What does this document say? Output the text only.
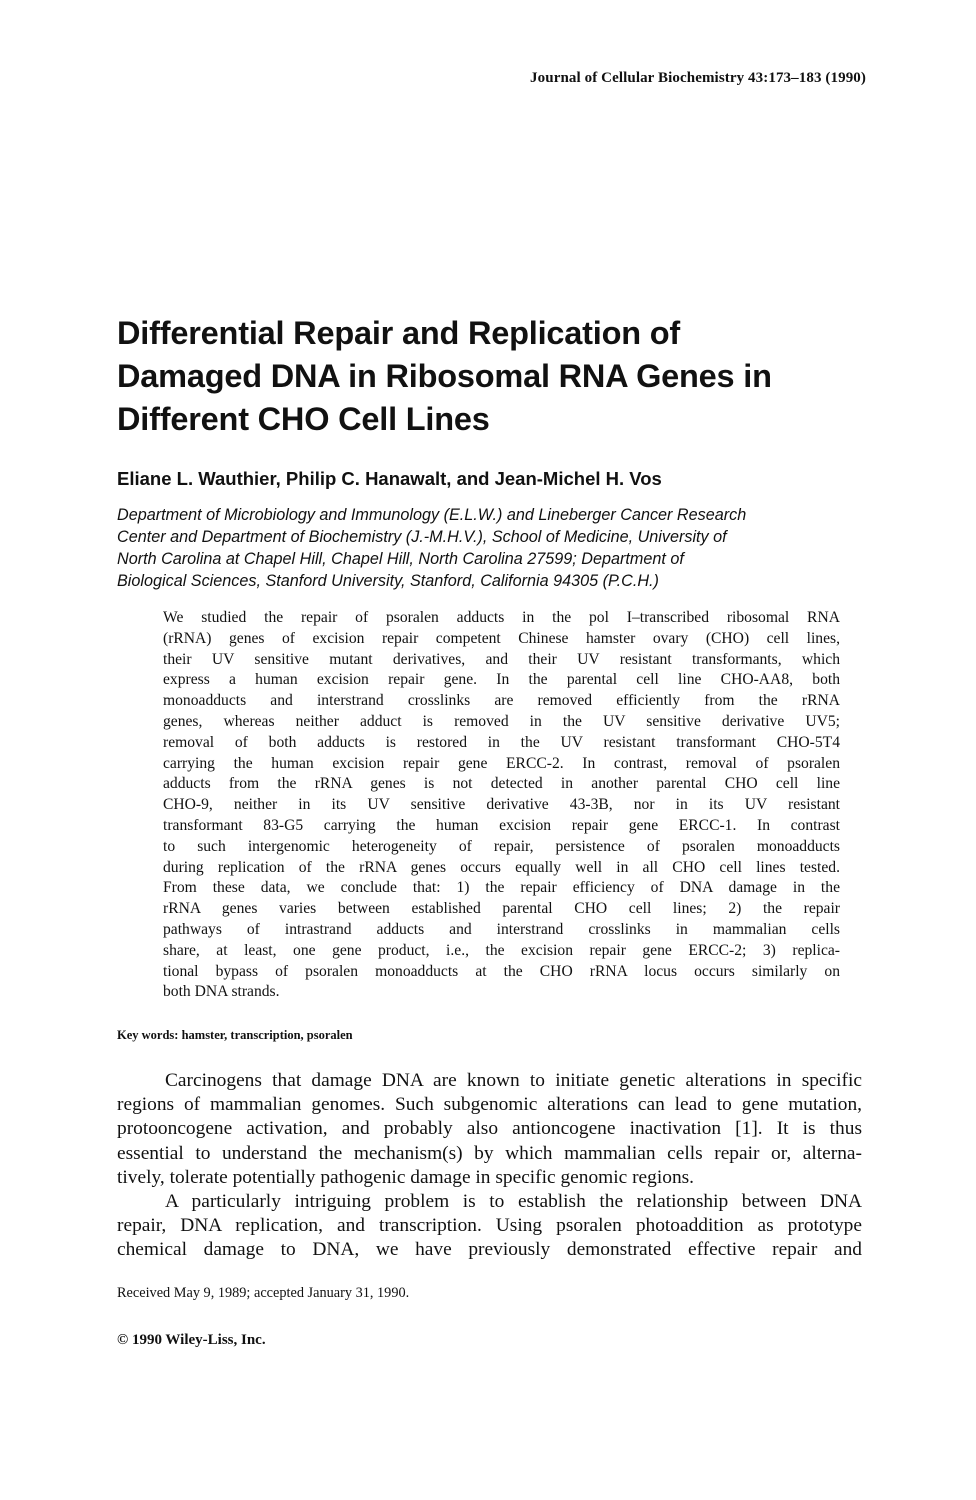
Journal of Cellular Biochemistry 43:173–183 (1990)
Differential Repair and Replication of
Damaged DNA in Ribosomal RNA Genes in
Different CHO Cell Lines
Eliane L. Wauthier, Philip C. Hanawalt, and Jean-Michel H. Vos
Department of Microbiology and Immunology (E.L.W.) and Lineberger Cancer Research
Center and Department of Biochemistry (J.-M.H.V.), School of Medicine, University of
North Carolina at Chapel Hill, Chapel Hill, North Carolina 27599; Department of
Biological Sciences, Stanford University, Stanford, California 94305 (P.C.H.)
We studied the repair of psoralen adducts in the pol I–transcribed ribosomal RNA
(rRNA) genes of excision repair competent Chinese hamster ovary (CHO) cell lines,
their UV sensitive mutant derivatives, and their UV resistant transformants, which
express a human excision repair gene. In the parental cell line CHO-AA8, both
monoadducts and interstrand crosslinks are removed efficiently from the rRNA
genes, whereas neither adduct is removed in the UV sensitive derivative UV5;
removal of both adducts is restored in the UV resistant transformant CHO-5T4
carrying the human excision repair gene ERCC-2. In contrast, removal of psoralen
adducts from the rRNA genes is not detected in another parental CHO cell line
CHO-9, neither in its UV sensitive derivative 43-3B, nor in its UV resistant
transformant 83-G5 carrying the human excision repair gene ERCC-1. In contrast
to such intergenomic heterogeneity of repair, persistence of psoralen monoadducts
during replication of the rRNA genes occurs equally well in all CHO cell lines tested.
From these data, we conclude that: 1) the repair efficiency of DNA damage in the
rRNA genes varies between established parental CHO cell lines; 2) the repair
pathways of intrastrand adducts and interstrand crosslinks in mammalian cells
share, at least, one gene product, i.e., the excision repair gene ERCC-2; 3) replica-
tional bypass of psoralen monoadducts at the CHO rRNA locus occurs similarly on
both DNA strands.
Key words: hamster, transcription, psoralen
Carcinogens that damage DNA are known to initiate genetic alterations in specific
regions of mammalian genomes. Such subgenomic alterations can lead to gene mutation,
protooncogene activation, and probably also antioncogene inactivation [1]. It is thus
essential to understand the mechanism(s) by which mammalian cells repair or, alterna-
tively, tolerate potentially pathogenic damage in specific genomic regions.
A particularly intriguing problem is to establish the relationship between DNA
repair, DNA replication, and transcription. Using psoralen photoaddition as prototype
chemical damage to DNA, we have previously demonstrated effective repair and
Received May 9, 1989; accepted January 31, 1990.
© 1990 Wiley-Liss, Inc.
